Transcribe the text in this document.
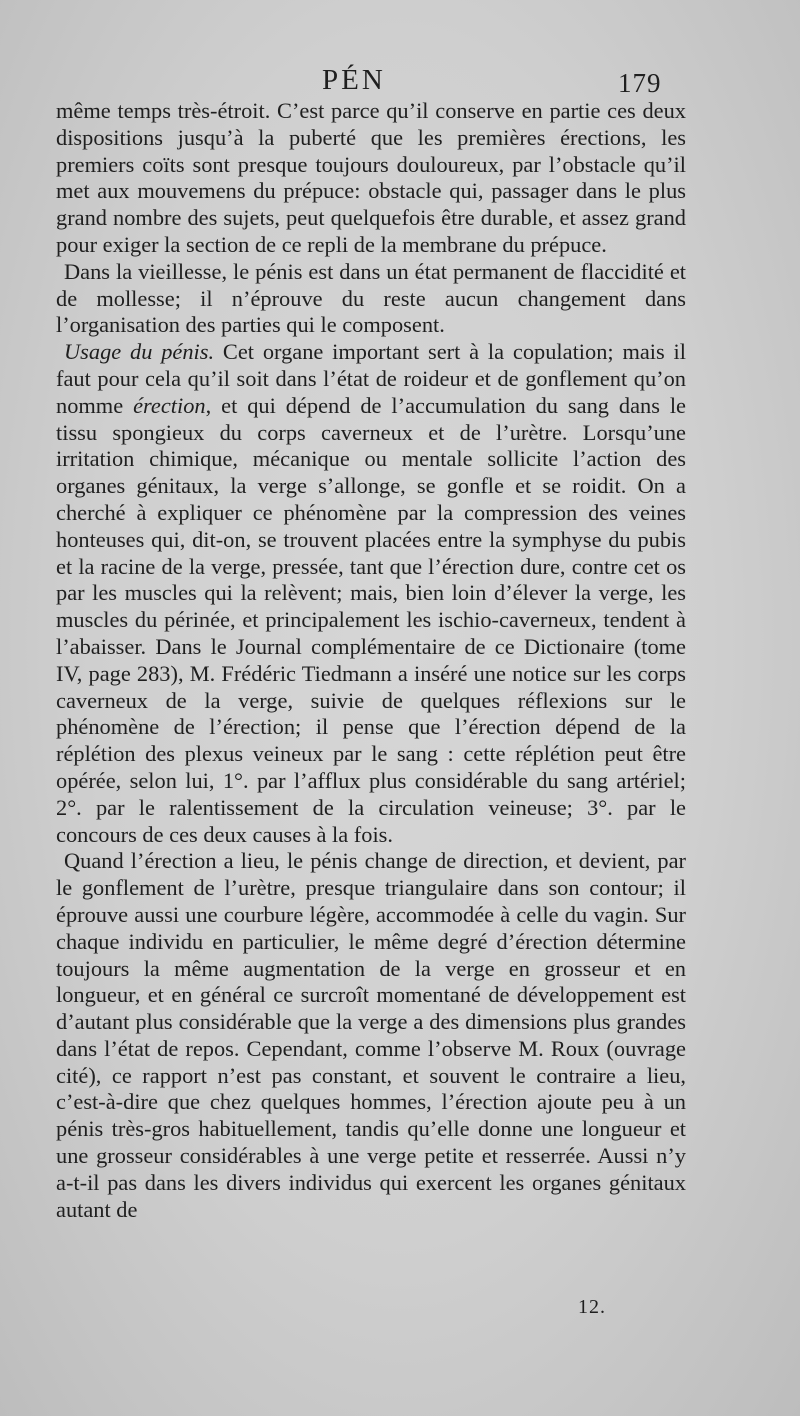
PÉN	179

même temps très-étroit. C’est parce qu’il conserve en partie ces deux dispositions jusqu’à la puberté que les premières érections, les premiers coïts sont presque toujours douloureux, par l’obstacle qu’il met aux mouvemens du prépuce: obstacle qui, passager dans le plus grand nombre des sujets, peut quelquefois être durable, et assez grand pour exiger la section de ce repli de la membrane du prépuce.

Dans la vieillesse, le pénis est dans un état permanent de flaccidité et de mollesse; il n’éprouve du reste aucun changement dans l’organisation des parties qui le composent.

Usage du pénis. Cet organe important sert à la copulation; mais il faut pour cela qu’il soit dans l’état de roideur et de gonflement qu’on nomme érection, et qui dépend de l’accumulation du sang dans le tissu spongieux du corps caverneux et de l’urètre. Lorsqu’une irritation chimique, mécanique ou mentale sollicite l’action des organes génitaux, la verge s’allonge, se gonfle et se roidit. On a cherché à expliquer ce phénomène par la compression des veines honteuses qui, dit-on, se trouvent placées entre la symphyse du pubis et la racine de la verge, pressée, tant que l’érection dure, contre cet os par les muscles qui la relèvent; mais, bien loin d’élever la verge, les muscles du périnée, et principalement les ischio-caverneux, tendent à l’abaisser. Dans le Journal complémentaire de ce Dictionaire (tome IV, page 283), M. Frédéric Tiedmann a inséré une notice sur les corps caverneux de la verge, suivie de quelques réflexions sur le phénomène de l’érection; il pense que l’érection dépend de la réplétion des plexus veineux par le sang : cette réplétion peut être opérée, selon lui, 1°. par l’afflux plus considérable du sang artériel; 2°. par le ralentissement de la circulation veineuse; 3°. par le concours de ces deux causes à la fois.

Quand l’érection a lieu, le pénis change de direction, et devient, par le gonflement de l’urètre, presque triangulaire dans son contour; il éprouve aussi une courbure légère, accommodée à celle du vagin. Sur chaque individu en particulier, le même degré d’érection détermine toujours la même augmentation de la verge en grosseur et en longueur, et en général ce surcroît momentané de développement est d’autant plus considérable que la verge a des dimensions plus grandes dans l’état de repos. Cependant, comme l’observe M. Roux (ouvrage cité), ce rapport n’est pas constant, et souvent le contraire a lieu, c’est-à-dire que chez quelques hommes, l’érection ajoute peu à un pénis très-gros habituellement, tandis qu’elle donne une longueur et une grosseur considérables à une verge petite et resserrée. Aussi n’y a-t-il pas dans les divers individus qui exercent les organes génitaux autant de

12.
